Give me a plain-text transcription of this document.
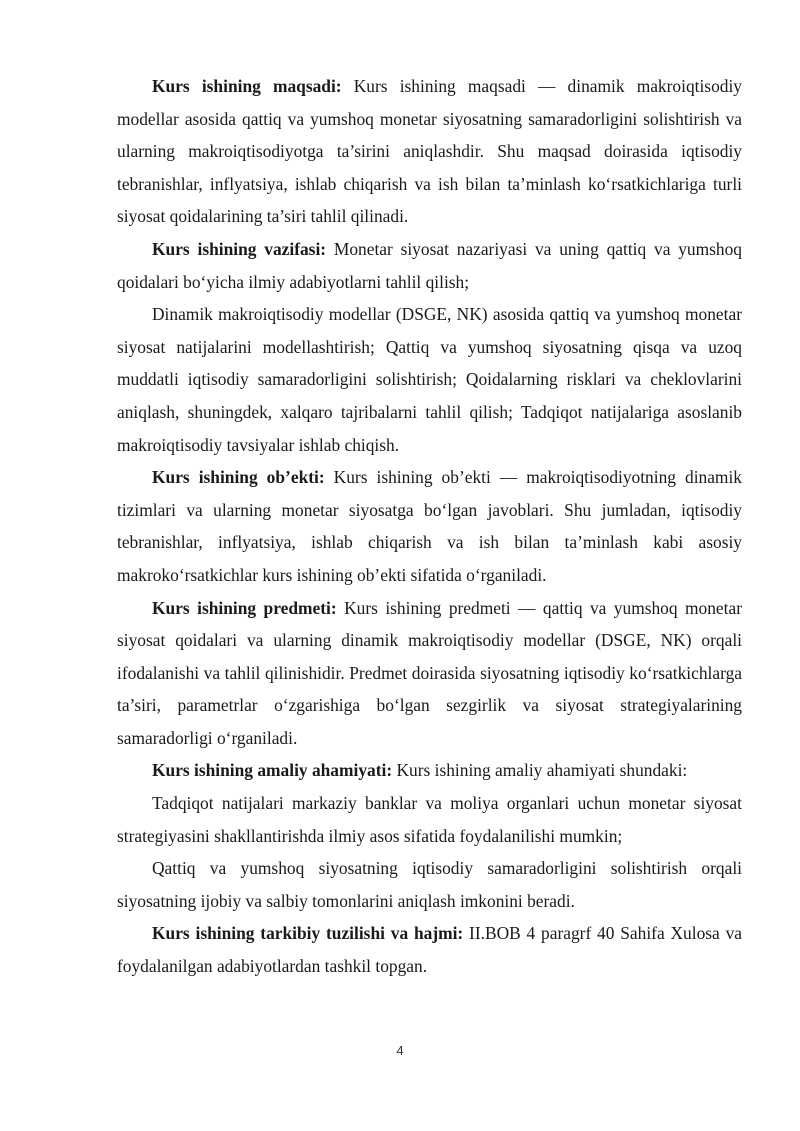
Kurs ishining maqsadi: Kurs ishining maqsadi — dinamik makroiqtisodiy modellar asosida qattiq va yumshoq monetar siyosatning samaradorligini solishtirish va ularning makroiqtisodiyotga ta’sirini aniqlashdir. Shu maqsad doirasida iqtisodiy tebranishlar, inflyatsiya, ishlab chiqarish va ish bilan ta’minlash ko‘rsatkichlariga turli siyosat qoidalarining ta’siri tahlil qilinadi.

Kurs ishining vazifasi: Monetar siyosat nazariyasi va uning qattiq va yumshoq qoidalari bo‘yicha ilmiy adabiyotlarni tahlil qilish;

Dinamik makroiqtisodiy modellar (DSGE, NK) asosida qattiq va yumshoq monetar siyosat natijalarini modellashtirish; Qattiq va yumshoq siyosatning qisqa va uzoq muddatli iqtisodiy samaradorligini solishtirish; Qoidalarning risklari va cheklovlarini aniqlash, shuningdek, xalqaro tajribalarni tahlil qilish; Tadqiqot natijalariga asoslanib makroiqtisodiy tavsiyalar ishlab chiqish.

Kurs ishining ob’ekti: Kurs ishining ob’ekti — makroiqtisodiyotning dinamik tizimlari va ularning monetar siyosatga bo‘lgan javoblari. Shu jumladan, iqtisodiy tebranishlar, inflyatsiya, ishlab chiqarish va ish bilan ta’minlash kabi asosiy makroko‘rsatkichlar kurs ishining ob’ekti sifatida o‘rganiladi.

Kurs ishining predmeti: Kurs ishining predmeti — qattiq va yumshoq monetar siyosat qoidalari va ularning dinamik makroiqtisodiy modellar (DSGE, NK) orqali ifodalanishi va tahlil qilinishidir. Predmet doirasida siyosatning iqtisodiy ko‘rsatkichlarga ta’siri, parametrlar o‘zgarishiga bo‘lgan sezgirlik va siyosat strategiyalarining samaradorligi o‘rganiladi.

Kurs ishining amaliy ahamiyati: Kurs ishining amaliy ahamiyati shundaki:

Tadqiqot natijalari markaziy banklar va moliya organlari uchun monetar siyosat strategiyasini shakllantirishda ilmiy asos sifatida foydalanilishi mumkin;

Qattiq va yumshoq siyosatning iqtisodiy samaradorligini solishtirish orqali siyosatning ijobiy va salbiy tomonlarini aniqlash imkonini beradi.

Kurs ishining tarkibiy tuzilishi va hajmi: II.BOB 4 paragrf 40 Sahifa Xulosa va foydalanilgan adabiyotlardan tashkil topgan.

4
